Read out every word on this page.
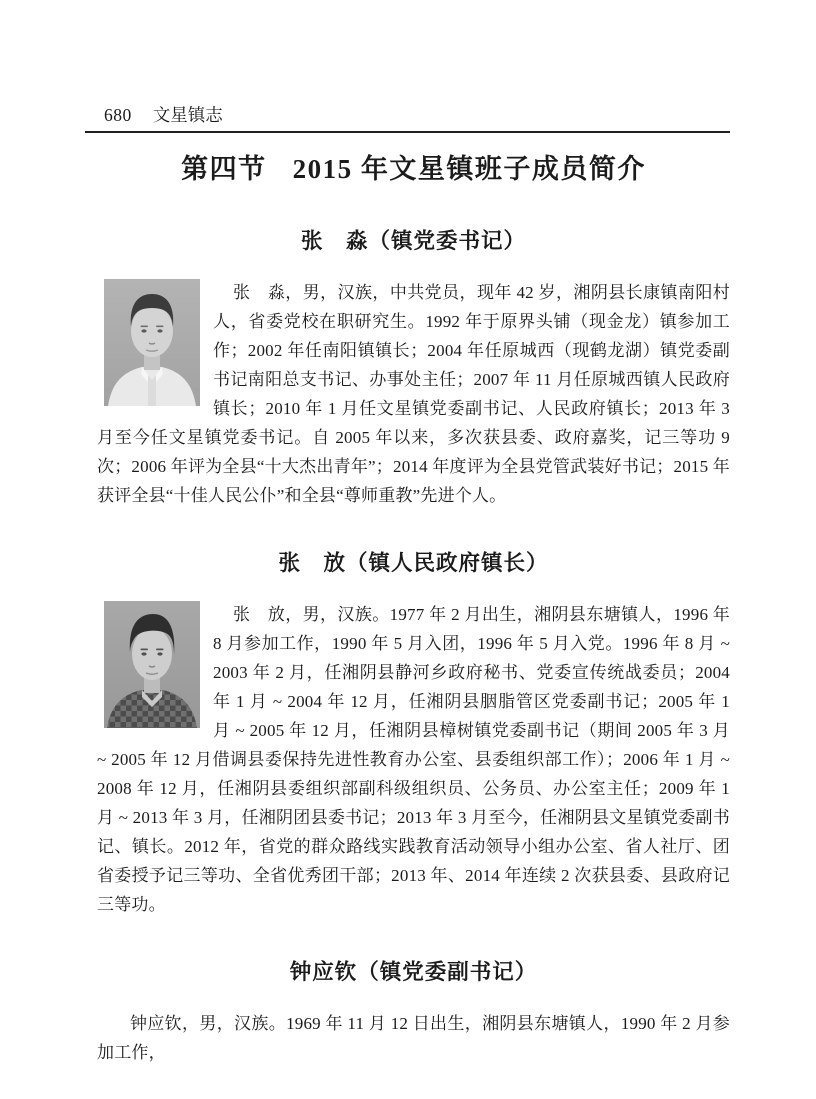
680 文星镇志
第四节 2015 年文星镇班子成员简介
张　淼（镇党委书记）
张　淼，男，汉族，中共党员，现年 42 岁，湘阴县长康镇南阳村人，省委党校在职研究生。1992 年于原界头铺（现金龙）镇参加工作；2002 年任南阳镇镇长；2004 年任原城西（现鹤龙湖）镇党委副书记南阳总支书记、办事处主任；2007 年 11 月任原城西镇人民政府镇长；2010 年 1 月任文星镇党委副书记、人民政府镇长；2013 年 3 月至今任文星镇党委书记。自 2005 年以来，多次获县委、政府嘉奖，记三等功 9 次；2006 年评为全县“十大杰出青年”；2014 年度评为全县党管武装好书记；2015 年获评全县“十佳人民公仆”和全县“尊师重教”先进个人。
张　放（镇人民政府镇长）
张　放，男，汉族。1977 年 2 月出生，湘阴县东塘镇人，1996 年 8 月参加工作，1990 年 5 月入团，1996 年 5 月入党。1996 年 8 月 ~ 2003 年 2 月，任湘阴县静河乡政府秘书、党委宣传统战委员；2004 年 1 月 ~ 2004 年 12 月，任湘阴县胭脂管区党委副书记；2005 年 1 月 ~ 2005 年 12 月，任湘阴县樟树镇党委副书记（期间 2005 年 3 月 ~ 2005 年 12 月借调县委保持先进性教育办公室、县委组织部工作）；2006 年 1 月 ~ 2008 年 12 月，任湘阴县委组织部副科级组织员、公务员、办公室主任；2009 年 1 月 ~ 2013 年 3 月，任湘阴团县委书记；2013 年 3 月至今，任湘阴县文星镇党委副书记、镇长。2012 年，省党的群众路线实践教育活动领导小组办公室、省人社厅、团省委授予记三等功、全省优秀团干部；2013 年、2014 年连续 2 次获县委、县政府记三等功。
钟应钦（镇党委副书记）
钟应钦，男，汉族。1969 年 11 月 12 日出生，湘阴县东塘镇人，1990 年 2 月参加工作，
